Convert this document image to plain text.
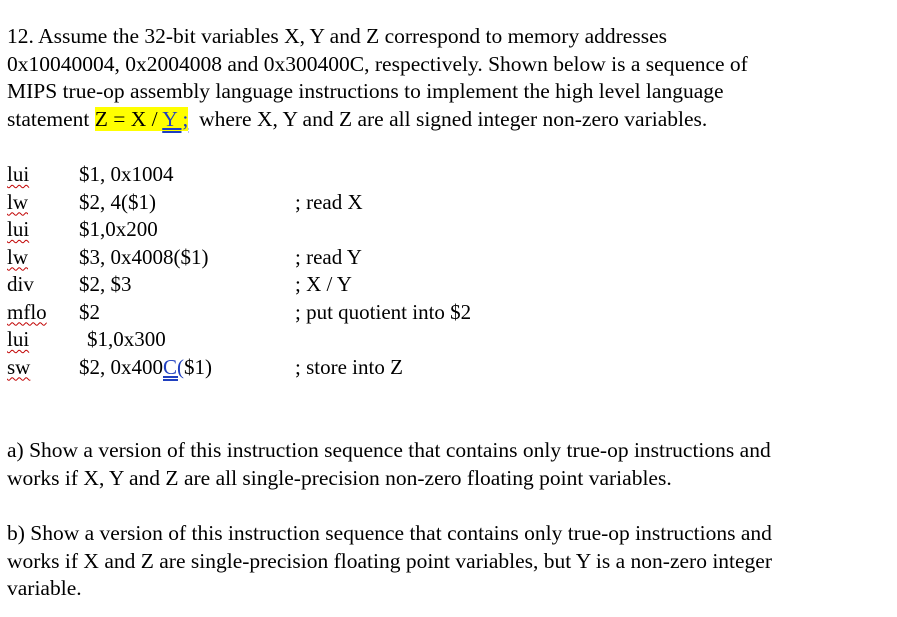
12. Assume the 32-bit variables X, Y and Z correspond to memory addresses
0x10040004, 0x2004008 and 0x300400C, respectively. Shown below is a sequence of
MIPS true-op assembly language instructions to implement the high level language
statement Z = X / Y ;  where X, Y and Z are all signed integer non-zero variables.
lui $1, 0x1004
lw $2, 4($1)	; read X
lui $1,0x200
lw $3, 0x4008($1)	; read Y
div $2, $3	; X / Y
mflo $2	; put quotient into $2
lui	$1,0x300
sw $2, 0x400C($1)	; store into Z
a) Show a version of this instruction sequence that contains only true-op instructions and
works if X, Y and Z are all single-precision non-zero floating point variables.
b) Show a version of this instruction sequence that contains only true-op instructions and
works if X and Z are single-precision floating point variables, but Y is a non-zero integer
variable.
